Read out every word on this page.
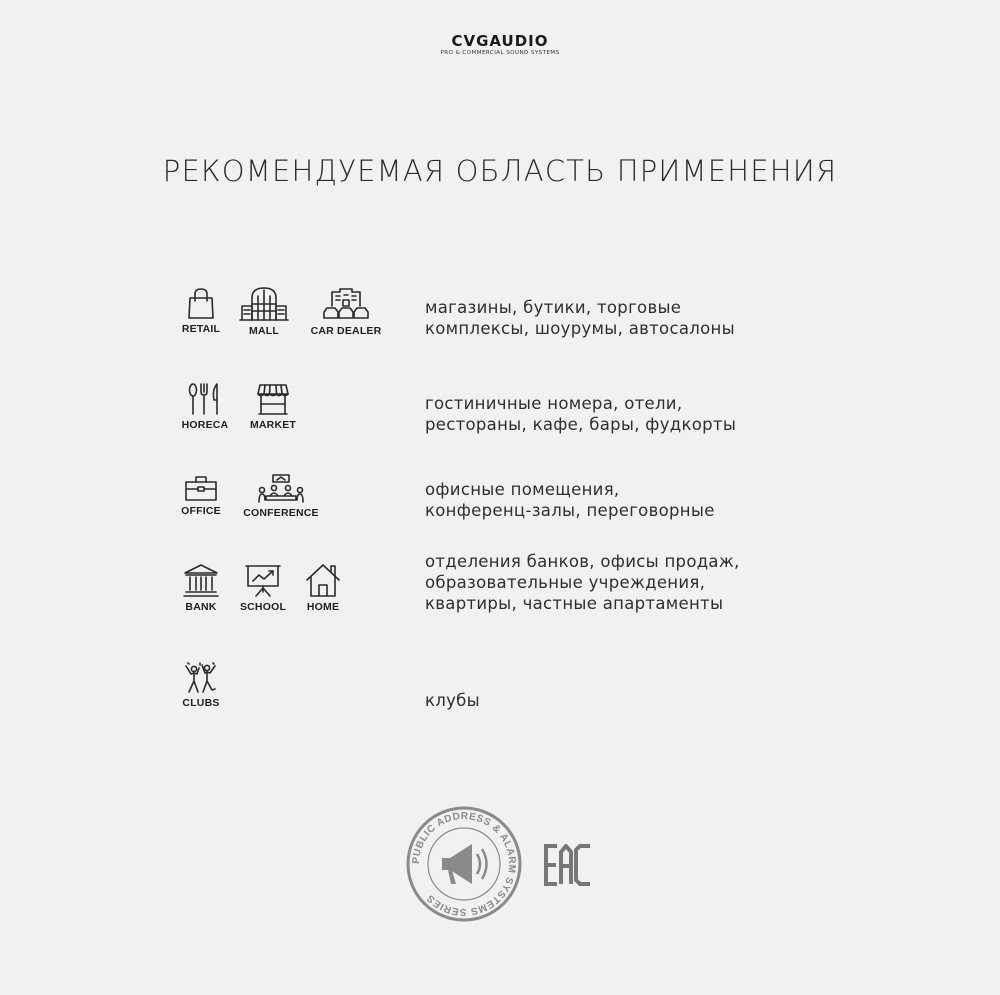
CVGAUDIO
PRO & COMMERCIAL SOUND SYSTEMS
РЕКОМЕНДУЕМАЯ ОБЛАСТЬ ПРИМЕНЕНИЯ
RETAIL	MALL	CAR DEALER
магазины, бутики, торговые
комплексы, шоурумы, автосалоны
HORECA MARKET
гостиничные номера, отели,
рестораны, кафе, бары, фудкорты
OFFICE CONFERENCE
офисные помещения,
конференц-залы, переговорные
BANK SCHOOL HOME
отделения банков, офисы продаж,
образовательные учреждения,
квартиры, частные апартаменты
CLUBS	клубы
PUBLIC ADDRESS & ALARM SYSTEMS SERIES
